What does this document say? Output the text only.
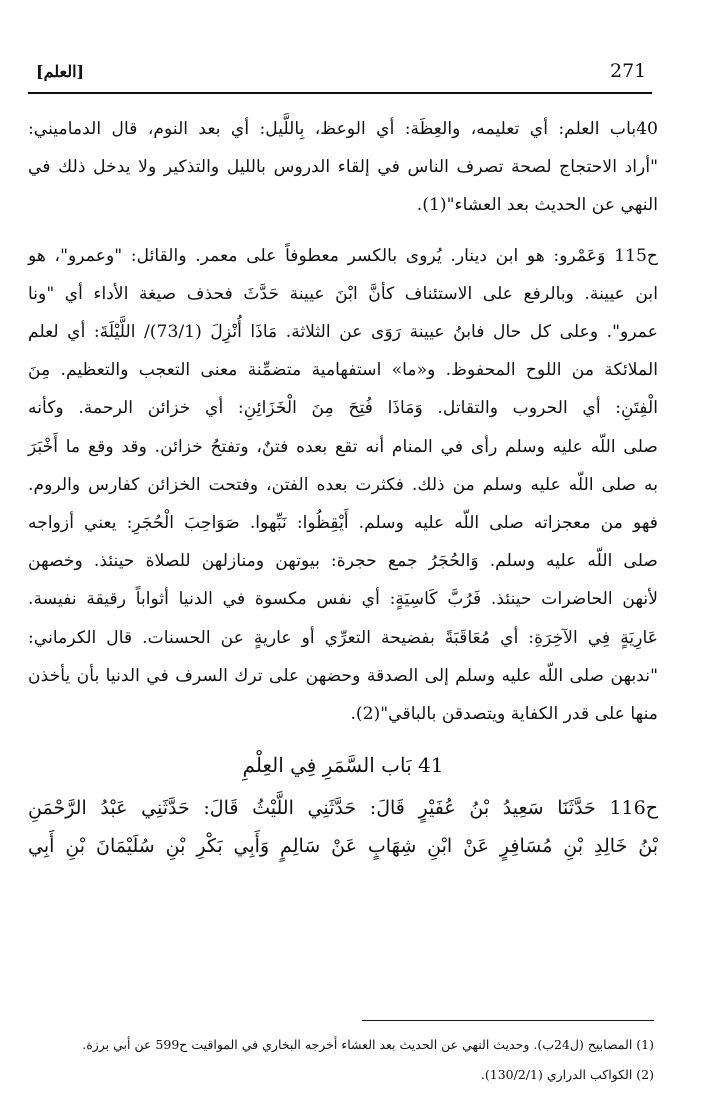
271
[العلم]
40باب العلم: أي تعليمه، والعِظَة: أي الوعظ، بِاللَّيل: أي بعد النوم، قال الدماميني:
"أراد الاحتجاج لصحة تصرف الناس في إلقاء الدروس بالليل والتذكير ولا يدخل ذلك في
النهي عن الحديث بعد العشاء"(1).
ح115 وَعَمْرو: هو ابن دينار. يُروى بالكسر معطوفاً على معمر. والقائل: "وعمرو"، هو
ابن عيينة. وبالرفع على الاستئناف كأنَّ ابْنَ عيينة حَدَّثَ فحذف صيغة الأداء أي "ونا
عمرو". وعلى كل حال فابنُ عيينة رَوَى عن الثلاثة. مَاذَا أُنْزِلَ (73/1)/ اللَّيْلَةَ: أي لعلم
الملائكة من اللوح المحفوظ. و«ما» استفهامية متضمِّنة معنى التعجب والتعظيم. مِنَ
الْفِتَنِ: أي الحروب والتقاتل. وَمَاذَا فُتِحَ مِنَ الْخَزَائِنِ: أي خزائن الرحمة. وكأنه
صلى اللّه عليه وسلم رأى في المنام أنه تقع بعده فتنٌ، وتفتحُ خزائن. وقد وقع ما أَخْبَرَ
به صلى اللّه عليه وسلم من ذلك. فكثرت بعده الفتن، وفتحت الخزائن كفارس والروم.
فهو من معجزاته صلى اللّه عليه وسلم. أَيْقِظُوا: نَبِّهوا. صَوَاحِبَ الْحُجَرِ: يعني أزواجه
صلى اللّه عليه وسلم. وَالحُجَرُ جمع حجرة: بيوتهن ومنازلهن للصلاة حينئذ. وخصهن
لأنهن الحاضرات حينئذ. فَرُبَّ كَاسِيَةٍ: أي نفس مكسوة في الدنيا أثواباً رقيقة نفيسة.
عَارِيَةٍ فِي الآخِرَةِ: أي مُعَاقَبَةً بفضيحة التعرِّي أو عاريةٍ عن الحسنات. قال الكرماني:
"ندبهن صلى اللّه عليه وسلم إلى الصدقة وحضهن على ترك السرف في الدنيا بأن يأخذن
منها على قدر الكفاية ويتصدقن بالباقي"(2).
41 بَاب السَّمَرِ فِي العِلْمِ
ح116 حَدَّثَنَا سَعِيدُ بْنُ عُفَيْرٍ قَالَ: حَدَّثَنِي اللَّيْثُ قَالَ: حَدَّثَنِي عَبْدُ الرَّحْمَنِ
بْنُ خَالِدِ بْنِ مُسَافِرٍ عَنْ ابْنِ شِهَابٍ عَنْ سَالِمٍ وَأَبِي بَكْرِ بْنِ سُلَيْمَانَ بْنِ أَبِي
(1) المصابيح (ل24ب). وحديث النهي عن الحديث بعد العشاء أخرجه البخاري في المواقيت ح599 عن أبي برزة.
(2) الكواكب الدراري (130/2/1).
